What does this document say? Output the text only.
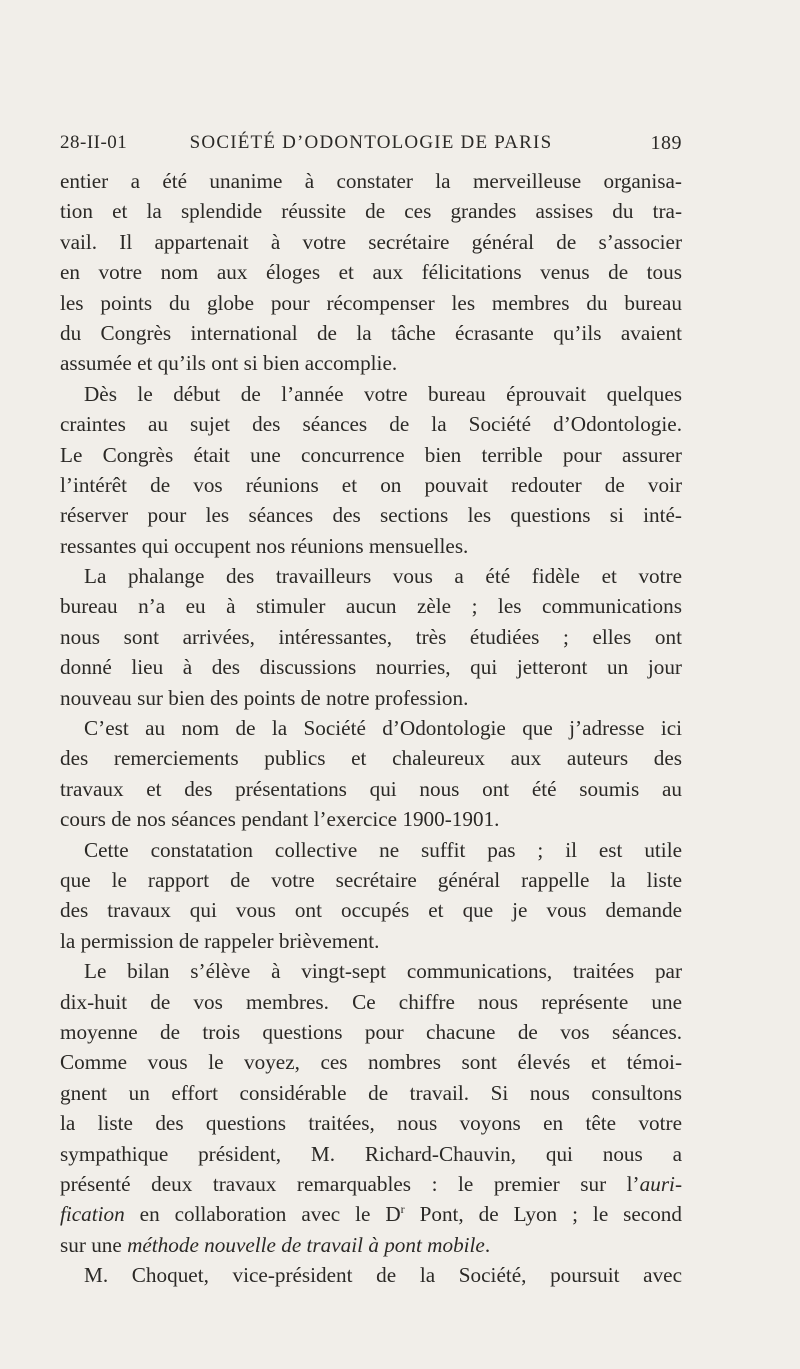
28-II-01	SOCIÉTÉ D’ODONTOLOGIE DE PARIS	189
entier a été unanime à constater la merveilleuse organisa-
tion et la splendide réussite de ces grandes assises du tra-
vail. Il appartenait à votre secrétaire général de s’associer
en votre nom aux éloges et aux félicitations venus de tous
les points du globe pour récompenser les membres du bureau
du Congrès international de la tâche écrasante qu’ils avaient
assumée et qu’ils ont si bien accomplie.
Dès le début de l’année votre bureau éprouvait quelques
craintes au sujet des séances de la Société d’Odontologie.
Le Congrès était une concurrence bien terrible pour assurer
l’intérêt de vos réunions et on pouvait redouter de voir
réserver pour les séances des sections les questions si inté-
ressantes qui occupent nos réunions mensuelles.
La phalange des travailleurs vous a été fidèle et votre
bureau n’a eu à stimuler aucun zèle ; les communications
nous sont arrivées, intéressantes, très étudiées ; elles ont
donné lieu à des discussions nourries, qui jetteront un jour
nouveau sur bien des points de notre profession.
C’est au nom de la Société d’Odontologie que j’adresse ici
des remerciements publics et chaleureux aux auteurs des
travaux et des présentations qui nous ont été soumis au
cours de nos séances pendant l’exercice 1900-1901.
Cette constatation collective ne suffit pas ; il est utile
que le rapport de votre secrétaire général rappelle la liste
des travaux qui vous ont occupés et que je vous demande
la permission de rappeler brièvement.
Le bilan s’élève à vingt-sept communications, traitées par
dix-huit de vos membres. Ce chiffre nous représente une
moyenne de trois questions pour chacune de vos séances.
Comme vous le voyez, ces nombres sont élevés et témoi-
gnent un effort considérable de travail. Si nous consultons
la liste des questions traitées, nous voyons en tête votre
sympathique président, M. Richard-Chauvin, qui nous a
présenté deux travaux remarquables : le premier sur l’auri-
fication en collaboration avec le $D^r$ Pont, de Lyon ; le second
sur une méthode nouvelle de travail à pont mobile.
M. Choquet, vice-président de la Société, poursuit avec
